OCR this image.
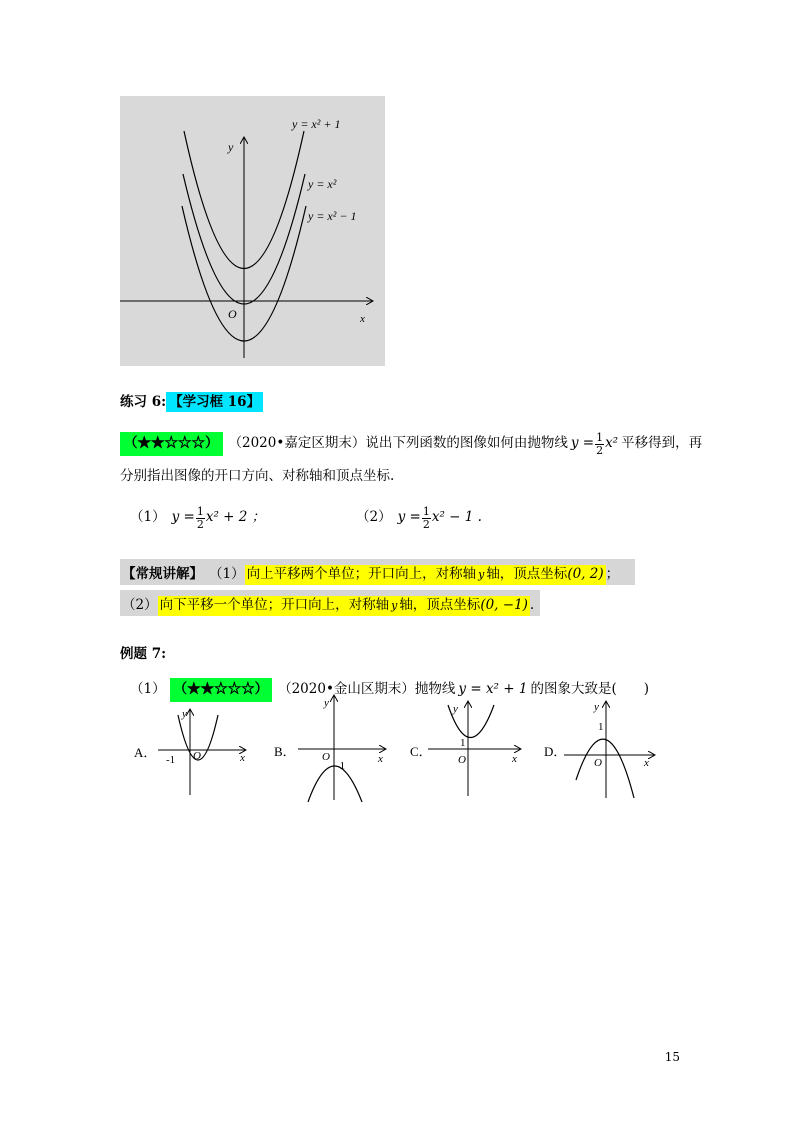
y
x
O
y = x² + 1
y = x²
y = x² − 1
练习 6: 【学习框 16】
（★★☆☆☆） （2020•嘉定区期末）说出下列函数的图像如何由抛物线 $y = \frac{1}{2} x^2$ 平移得到，再
分别指出图像的开口方向、对称轴和顶点坐标.
（1） $y = \frac{1}{2} x^2 + 2$ ；	（2） $y = \frac{1}{2} x^2 - 1$ .
【常规讲解】 （1） 向上平移两个单位；开口向上，对称轴 y 轴，顶点坐标(0, 2) ；
（2） 向下平移一个单位；开口向上，对称轴 y 轴，顶点坐标(0, −1) .
例题 7:
（1） （★★☆☆☆） （2020•金山区期末）抛物线 y = x² + 1 的图象大致是(　　)
A．
y
x
O
-1
B．
y
x
O
-1
C．
y
x
O
1
D．
y
x
O
1
15
